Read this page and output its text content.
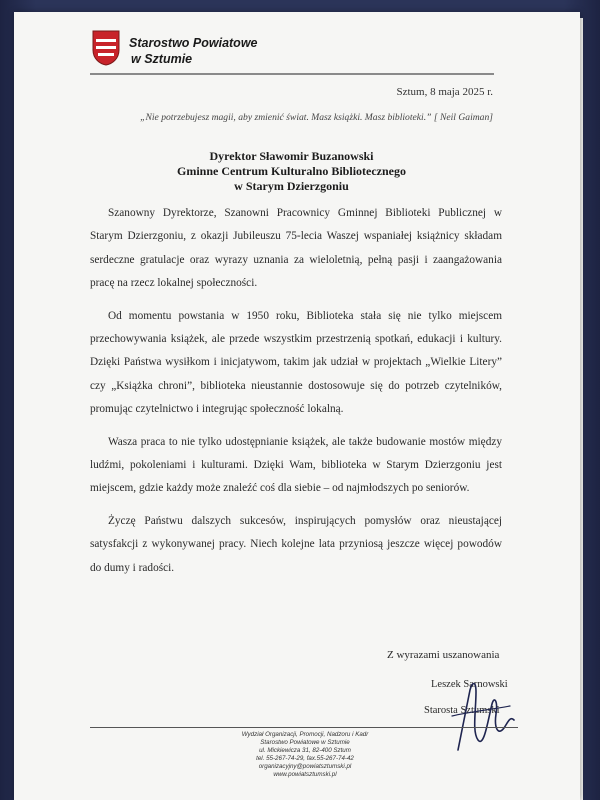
Starostwo Powiatowe
w Sztumie
Sztum, 8 maja 2025 r.
„Nie potrzebujesz magii, aby zmienić świat. Masz książki. Masz biblioteki.” [ Neil Gaiman]
Dyrektor Sławomir Buzanowski
Gminne Centrum Kulturalno Bibliotecznego
w Starym Dzierzgoniu

Szanowny Dyrektorze, Szanowni Pracownicy Gminnej Biblioteki Publicznej w Starym Dzierzgoniu, z okazji Jubileuszu 75-lecia Waszej wspaniałej książnicy składam serdeczne gratulacje oraz wyrazy uznania za wieloletnią, pełną pasji i zaangażowania pracę na rzecz lokalnej społeczności.

Od momentu powstania w 1950 roku, Biblioteka stała się nie tylko miejscem przechowywania książek, ale przede wszystkim przestrzenią spotkań, edukacji i kultury. Dzięki Państwa wysiłkom i inicjatywom, takim jak udział w projektach „Wielkie Litery” czy „Książka chroni”, biblioteka nieustannie dostosowuje się do potrzeb czytelników, promując czytelnictwo i integrując społeczność lokalną.

Wasza praca to nie tylko udostępnianie książek, ale także budowanie mostów między ludźmi, pokoleniami i kulturami. Dzięki Wam, biblioteka w Starym Dzierzgoniu jest miejscem, gdzie każdy może znaleźć coś dla siebie – od najmłodszych po seniorów.

Życzę Państwu dalszych sukcesów, inspirujących pomysłów oraz nieustającej satysfakcji z wykonywanej pracy. Niech kolejne lata przyniosą jeszcze więcej powodów do dumy i radości.

Z wyrazami uszanowania
Leszek Sarnowski
Starosta Sztumski
Wydział Organizacji, Promocji, Nadzoru i Kadr
Starostwo Powiatowe w Sztumie
ul. Mickiewicza 31, 82-400 Sztum
tel. 55-267-74-29, fax.55-267-74-42
organizacyjny@powiatsztumski.pl
www.powiatsztumski.pl
